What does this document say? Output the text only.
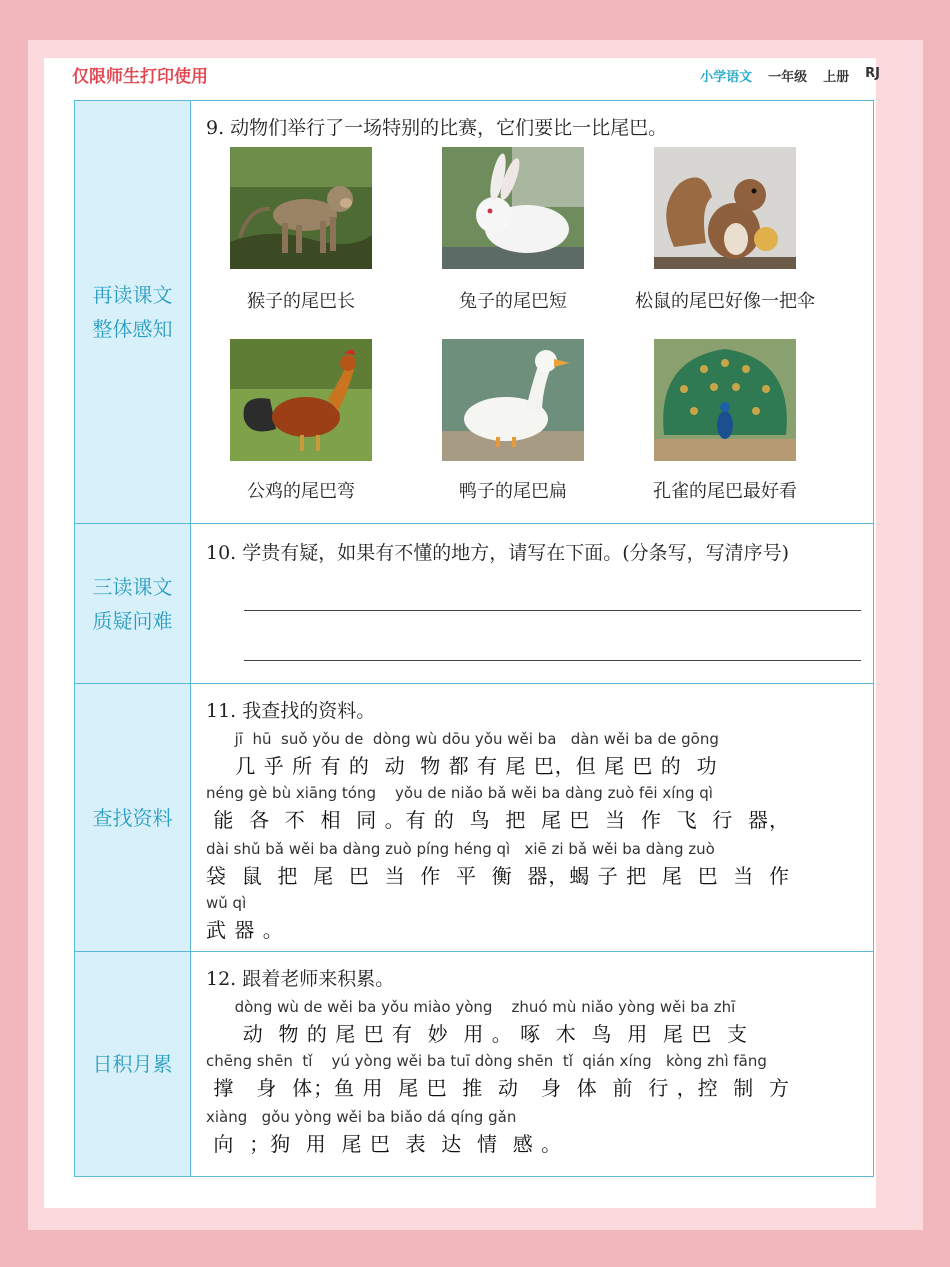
仅限师生打印使用	小学语文 一年级 上册 RJ
再读课文
整体感知
9. 动物们举行了一场特别的比赛，它们要比一比尾巴。
猴子的尾巴长	兔子的尾巴短	松鼠的尾巴好像一把伞
公鸡的尾巴弯	鸭子的尾巴扁	孔雀的尾巴最好看
三读课文
质疑问难
10. 学贵有疑，如果有不懂的地方，请写在下面。(分条写，写清序号)
查找资料
11. 我查找的资料。
jī  hū  suǒ yǒu de  dòng wù dōu yǒu wěi ba   dàn wěi ba de gōng
几 乎 所 有 的  动  物 都 有 尾 巴，但 尾 巴 的  功
néng gè bù xiāng tóng    yǒu de niǎo bǎ wěi ba dàng zuò fēi xíng qì
能  各  不  相  同 。有 的  鸟  把  尾 巴  当  作  飞  行  器，
dài shǔ bǎ wěi ba dàng zuò píng héng qì   xiē zi bǎ wěi ba dàng zuò
袋  鼠  把  尾  巴  当  作  平  衡  器，蝎 子 把  尾  巴  当  作
wǔ qì
武 器 。
日积月累
12. 跟着老师来积累。
dòng wù de wěi ba yǒu miào yòng    zhuó mù niǎo yòng wěi ba zhī
动  物 的 尾 巴 有  妙  用 。 啄  木  鸟  用  尾 巴  支
chēng shēn  tǐ    yú yòng wěi ba tuī dòng shēn  tǐ  qián xíng   kòng zhì fāng
撑   身  体；鱼 用  尾 巴  推  动   身  体  前  行 ，控  制  方
xiàng   gǒu yòng wěi ba biǎo dá qíng gǎn
向  ；狗  用  尾 巴  表  达  情  感 。
